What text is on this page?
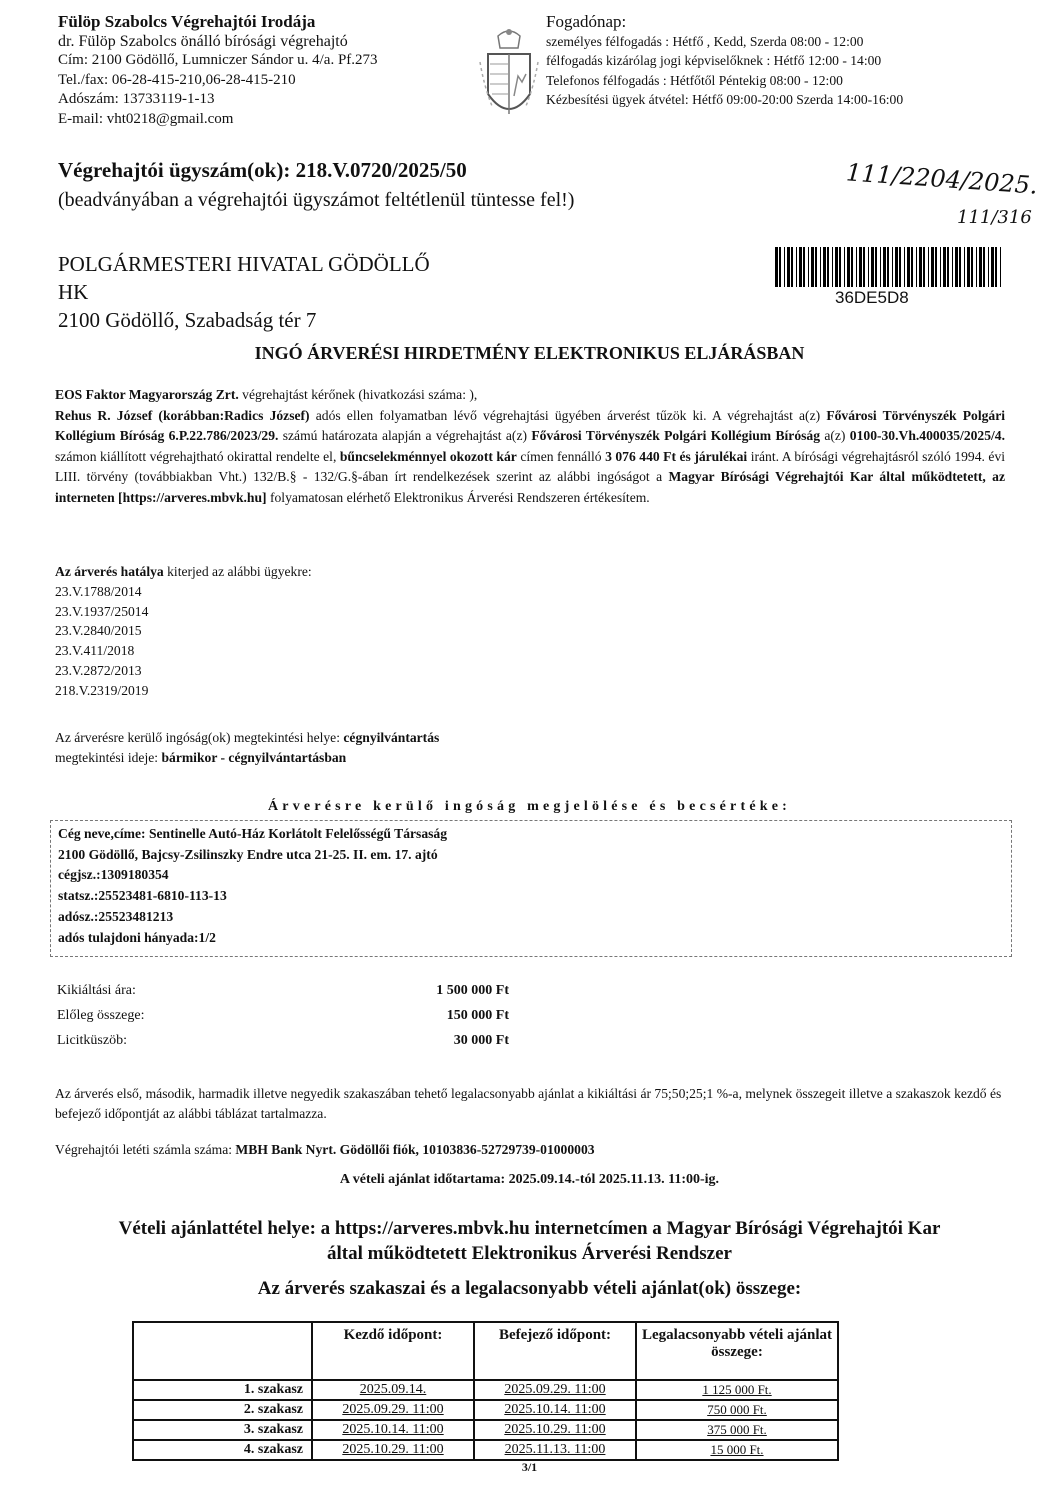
Fülöp Szabolcs Végrehajtói Irodája
dr. Fülöp Szabolcs önálló bírósági végrehajtó
Cím: 2100 Gödöllő, Lumniczer Sándor u. 4/a. Pf.273
Tel./fax: 06-28-415-210,06-28-415-210
Adószám: 13733119-1-13
E-mail: vht0218@gmail.com
Fogadónap:
személyes félfogadás : Hétfő , Kedd, Szerda 08:00 - 12:00
félfogadás kizárólag jogi képviselőknek : Hétfő 12:00 - 14:00
Telefonos félfogadás : Hétfőtől Péntekig 08:00 - 12:00
Kézbesítési ügyek átvétel: Hétfő 09:00-20:00 Szerda 14:00-16:00
Végrehajtói ügyszám(ok): 218.V.0720/2025/50
(beadványában a végrehajtói ügyszámot feltétlenül tüntesse fel!)
111/2204/2025.
111/316
POLGÁRMESTERI HIVATAL GÖDÖLLŐ
HK
2100 Gödöllő, Szabadság tér 7
36DE5D8
INGÓ ÁRVERÉSI HIRDETMÉNY ELEKTRONIKUS ELJÁRÁSBAN
EOS Faktor Magyarország Zrt. végrehajtást kérőnek (hivatkozási száma: ),
Rehus R. József (korábban:Radics József) adós ellen folyamatban lévő végrehajtási ügyében árverést tűzök ki. A végrehajtást a(z) Fővárosi Törvényszék Polgári Kollégium Bíróság 6.P.22.786/2023/29. számú határozata alapján a végrehajtást a(z) Fővárosi Törvényszék Polgári Kollégium Bíróság a(z) 0100-30.Vh.400035/2025/4. számon kiállított végrehajtható okirattal rendelte el, bűncselekménnyel okozott kár címen fennálló 3 076 440 Ft és járulékai iránt. A bírósági végrehajtásról szóló 1994. évi LIII. törvény (továbbiakban Vht.) 132/B.§ - 132/G.§-ában írt rendelkezések szerint az alábbi ingóságot a Magyar Bírósági Végrehajtói Kar által működtetett, az interneten [https://arveres.mbvk.hu] folyamatosan elérhető Elektronikus Árverési Rendszeren értékesítem.
Az árverés hatálya kiterjed az alábbi ügyekre:
23.V.1788/2014
23.V.1937/25014
23.V.2840/2015
23.V.411/2018
23.V.2872/2013
218.V.2319/2019
Az árverésre kerülő ingóság(ok) megtekintési helye: cégnyilvántartás
megtekintési ideje: bármikor - cégnyilvántartásban
Árverésre kerülő ingóság megjelölése és becsértéke:
Cég neve,címe: Sentinelle Autó-Ház Korlátolt Felelősségű Társaság
2100 Gödöllő, Bajcsy-Zsilinszky Endre utca 21-25. II. em. 17. ajtó
cégjsz.:1309180354
statsz.:25523481-6810-113-13
adósz.:25523481213
adós tulajdoni hányada:1/2
Kikiáltási ára:	1 500 000 Ft
Előleg összege:	150 000 Ft
Licitküszöb:	30 000 Ft
Az árverés első, második, harmadik illetve negyedik szakaszában tehető legalacsonyabb ajánlat a kikiáltási ár 75;50;25;1 %-a, melynek összegeit illetve a szakaszok kezdő és befejező időpontját az alábbi táblázat tartalmazza.
Végrehajtói letéti számla száma: MBH Bank Nyrt. Gödöllői fiók, 10103836-52729739-01000003
A vételi ajánlat időtartama: 2025.09.14.-tól 2025.11.13. 11:00-ig.
Vételi ajánlattétel helye: a https://arveres.mbvk.hu internetcímen a Magyar Bírósági Végrehajtói Kar
által működtetett Elektronikus Árverési Rendszer
Az árverés szakaszai és a legalacsonyabb vételi ajánlat(ok) összege:
	Kezdő időpont:	Befejező időpont:	Legalacsonyabb vételi ajánlat összege:
1. szakasz	2025.09.14.	2025.09.29. 11:00	1 125 000 Ft.
2. szakasz	2025.09.29. 11:00	2025.10.14. 11:00	750 000 Ft.
3. szakasz	2025.10.14. 11:00	2025.10.29. 11:00	375 000 Ft.
4. szakasz	2025.10.29. 11:00	2025.11.13. 11:00	15 000 Ft.
3/1
